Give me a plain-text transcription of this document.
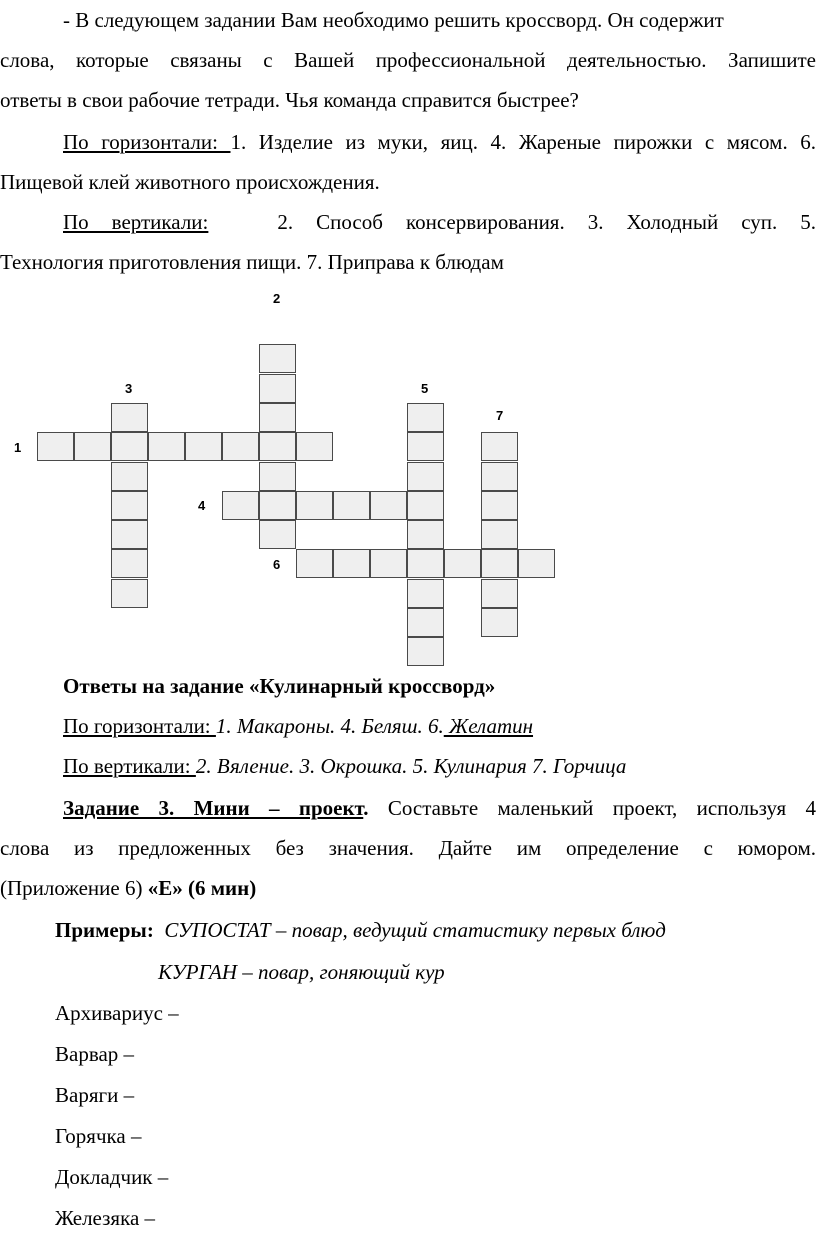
- В следующем задании Вам необходимо решить кроссворд. Он содержит
слова, которые связаны с Вашей профессиональной деятельностью. Запишите
ответы в свои рабочие тетради. Чья команда справится быстрее?
По горизонтали: 1. Изделие из муки, яиц. 4. Жареные пирожки с мясом. 6.
Пищевой клей животного происхождения.
По вертикали:	2. Способ консервирования. 3. Холодный суп. 5.
Технология приготовления пищи. 7. Приправа к блюдам
2
3	5
7
1
4
6
Ответы на задание «Кулинарный кроссворд»
По горизонтали: 1. Макароны. 4. Беляш. 6. Желатин
По вертикали: 2. Вяление. 3. Окрошка. 5. Кулинария 7. Горчица
Задание 3. Мини – проект. Составьте маленький проект, используя 4
слова из предложенных без значения. Дайте им определение с юмором.
(Приложение 6) «Е» (6 мин)
Примеры: СУПОСТАТ – повар, ведущий статистику первых блюд
КУРГАН – повар, гоняющий кур
Архивариус –
Варвар –
Варяги –
Горячка –
Докладчик –
Железяка –
